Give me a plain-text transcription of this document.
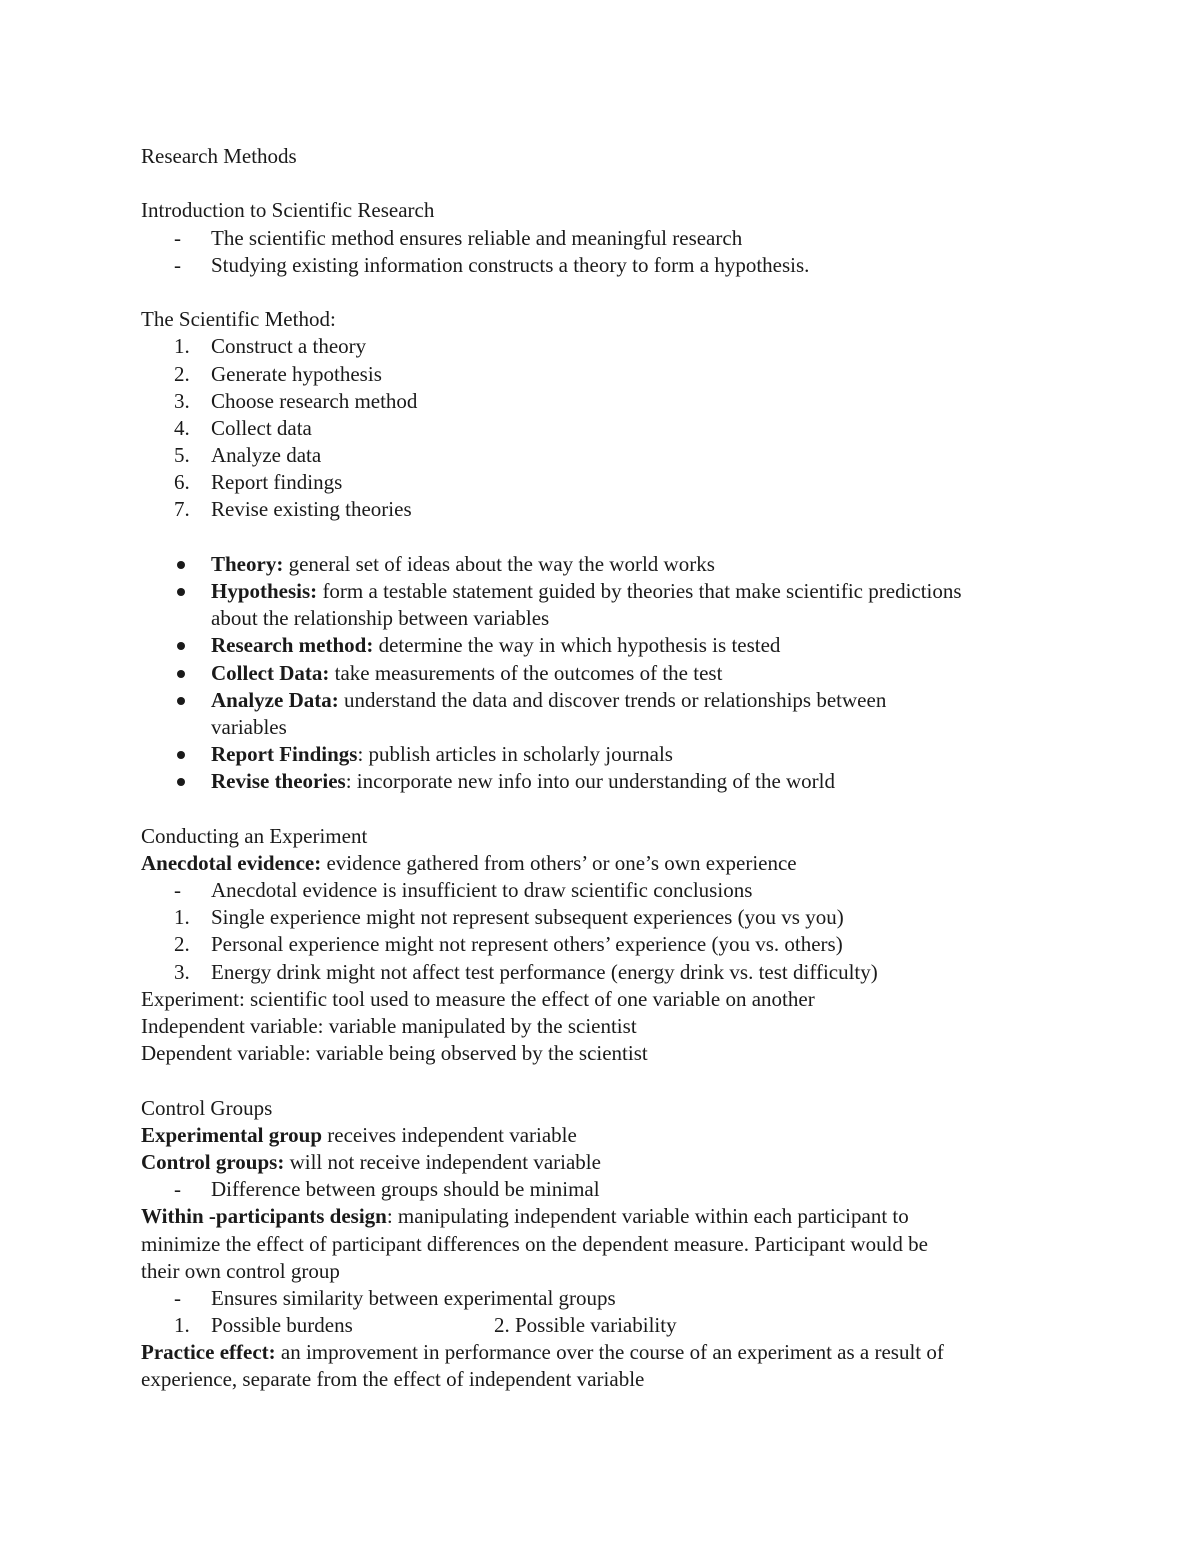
Research Methods
Introduction to Scientific Research
-	The scientific method ensures reliable and meaningful research
-	Studying existing information constructs a theory to form a hypothesis.
The Scientific Method:
1. Construct a theory
2. Generate hypothesis
3. Choose research method
4. Collect data
5. Analyze data
6. Report findings
7. Revise existing theories
Theory: general set of ideas about the way the world works
Hypothesis: form a testable statement guided by theories that make scientific predictions
about the relationship between variables
Research method: determine the way in which hypothesis is tested
Collect Data: take measurements of the outcomes of the test
Analyze Data: understand the data and discover trends or relationships between
variables
Report Findings: publish articles in scholarly journals
Revise theories: incorporate new info into our understanding of the world
Conducting an Experiment
Anecdotal evidence: evidence gathered from others’ or one’s own experience
-	Anecdotal evidence is insufficient to draw scientific conclusions
1. Single experience might not represent subsequent experiences (you vs you)
2. Personal experience might not represent others’ experience (you vs. others)
3. Energy drink might not affect test performance (energy drink vs. test difficulty)
Experiment: scientific tool used to measure the effect of one variable on another
Independent variable: variable manipulated by the scientist
Dependent variable: variable being observed by the scientist
Control Groups
Experimental group receives independent variable
Control groups: will not receive independent variable
-	Difference between groups should be minimal
Within -participants design: manipulating independent variable within each participant to
minimize the effect of participant differences on the dependent measure. Participant would be
their own control group
-	Ensures similarity between experimental groups
1. Possible burdens	2. Possible variability
Practice effect: an improvement in performance over the course of an experiment as a result of
experience, separate from the effect of independent variable
